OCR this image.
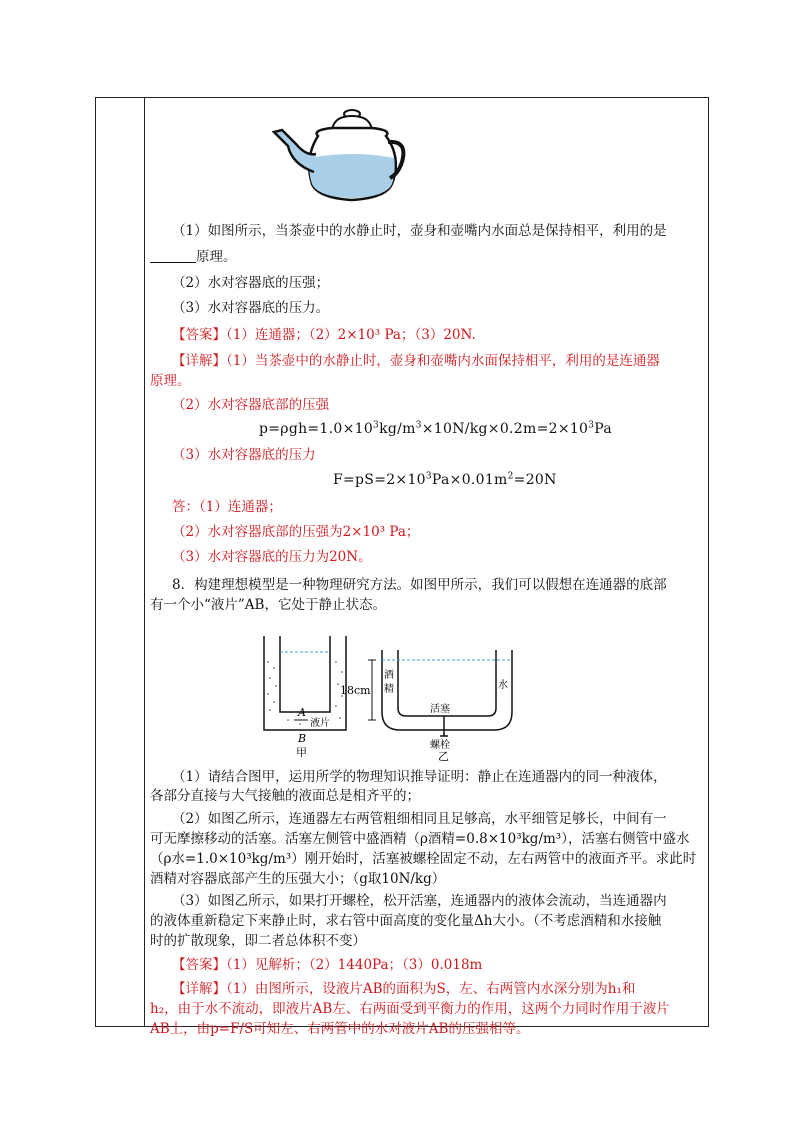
（1）如图所示，当茶壶中的水静止时，壶身和壶嘴内水面总是保持相平，利用的是
原理。
（2）水对容器底的压强；
（3）水对容器底的压力。
【答案】（1）连通器；（2）2×10³ Pa；（3）20N.
【详解】（1）当茶壶中的水静止时，壶身和壶嘴内水面保持相平，利用的是连通器
原理。
（2）水对容器底部的压强
$p=\rho gh=1.0\times 10^3kg/m^3\times 10N/kg\times 0.2m=2\times 10^3Pa$
（3）水对容器底的压力
$F=pS=2\times 10^3Pa\times 0.01m^2=20N$
答：（1）连通器；
（2）水对容器底部的压强为2×10³ Pa；
（3）水对容器底的压力为20N。
8．构建理想模型是一种物理研究方法。如图甲所示，我们可以假想在连通器的底部
有一个小“液片”AB，它处于静止状态。
A
B
液片
甲
18cm
酒
精	水
活塞
螺栓
乙
（1）请结合图甲，运用所学的物理知识推导证明：静止在连通器内的同一种液体，
各部分直接与大气接触的液面总是相齐平的；
（2）如图乙所示，连通器左右两管粗细相同且足够高，水平细管足够长，中间有一
可无摩擦移动的活塞。活塞左侧管中盛酒精（ρ酒精=0.8×10³kg/m³），活塞右侧管中盛水
（ρ水=1.0×10³kg/m³）刚开始时，活塞被螺栓固定不动，左右两管中的液面齐平。求此时
酒精对容器底部产生的压强大小；（g取10N/kg）
（3）如图乙所示，如果打开螺栓，松开活塞，连通器内的液体会流动，当连通器内
的液体重新稳定下来静止时，求右管中面高度的变化量Δh大小。（不考虑酒精和水接触
时的扩散现象，即二者总体积不变）
【答案】（1）见解析；（2）1440Pa；（3）0.018m
【详解】（1）由图所示，设液片AB的面积为S，左、右两管内水深分别为h₁和
h₂，由于水不流动，即液片AB左、右两面受到平衡力的作用，这两个力同时作用于液片
AB上，由p=F/S可知左、右两管中的水对液片AB的压强相等。
